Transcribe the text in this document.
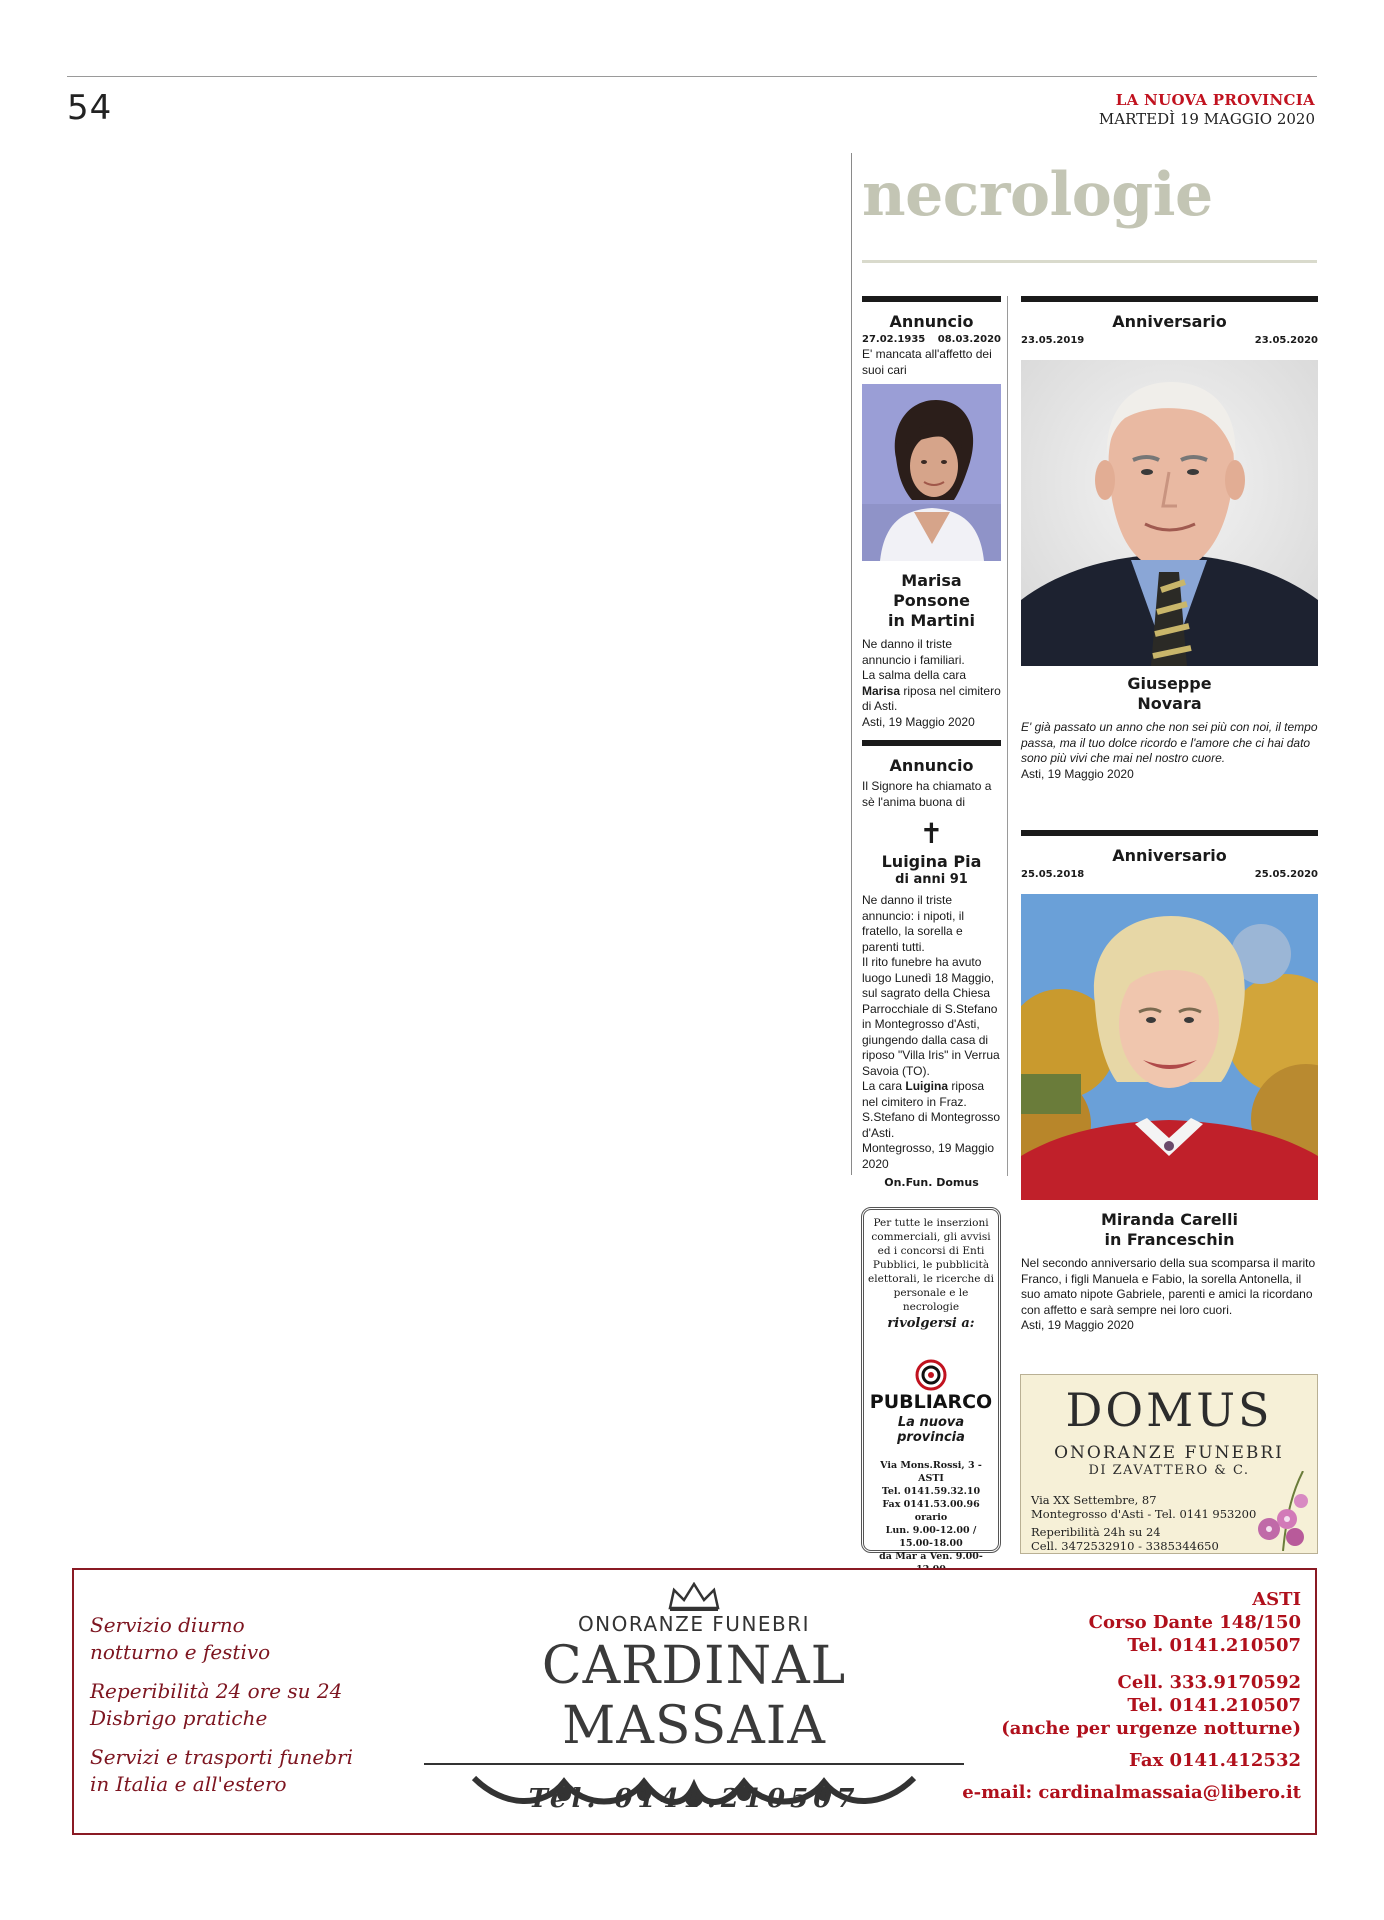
54	LA NUOVA PROVINCIA
MARTEDÌ 19 MAGGIO 2020
necrologie
Annuncio
27.02.1935 08.03.2020
E' mancata all'affetto dei suoi cari
Marisa Ponsone
in Martini
Ne danno il triste annuncio i familiari.
La salma della cara Marisa riposa nel cimitero di Asti.
Asti, 19 Maggio 2020
Annuncio
Il Signore ha chiamato a sè l'anima buona di
✝
Luigina Pia
di anni 91
Ne danno il triste annuncio: i nipoti, il fratello, la sorella e parenti tutti.
Il rito funebre ha avuto luogo Lunedì 18 Maggio, sul sagrato della Chiesa Parrocchiale di S.Stefano in Montegrosso d'Asti, giungendo dalla casa di riposo "Villa Iris" in Verrua Savoia (TO).
La cara Luigina riposa nel cimitero in Fraz. S.Stefano di Montegrosso d'Asti.
Montegrosso, 19 Maggio 2020
On.Fun. Domus
Anniversario
23.05.2019	23.05.2020
Giuseppe
Novara
E' già passato un anno che non sei più con noi, il tempo passa, ma il tuo dolce ricordo e l'amore che ci hai dato sono più vivi che mai nel nostro cuore.
Asti, 19 Maggio 2020
Anniversario
25.05.2018	25.05.2020
Miranda Carelli
in Franceschin
Nel secondo anniversario della sua scomparsa il marito Franco, i figli Manuela e Fabio, la sorella Antonella, il suo amato nipote Gabriele, parenti e amici la ricordano con affetto e sarà sempre nei loro cuori.
Asti, 19 Maggio 2020
Per tutte le inserzioni commerciali, gli avvisi ed i concorsi di Enti Pubblici, le pubblicità elettorali, le ricerche di personale e le necrologie
rivolgersi a:
PUBLIARCO
La nuova provincia
Via Mons.Rossi, 3 - ASTI
Tel. 0141.59.32.10
Fax 0141.53.00.96
orario
Lun. 9.00-12.00 / 15.00-18.00
da Mar a Ven. 9.00-
DOMUS
ONORANZE FUNEBRI
DI ZAVATTERO & C.
Via XX Settembre, 87
Montegrosso d'Asti - Tel. 0141 953200
Reperibilità 24h su 24
Cell. 3472532910 - 3385344650
Servizio diurno
notturno e festivo
Reperibilità 24 ore su 24
Disbrigo pratiche
Servizi e trasporti funebri
in Italia e all'estero
ONORANZE FUNEBRI
CARDINAL MASSAIA
Tel. 0141.210507
ASTI
Corso Dante 148/150
Tel. 0141.210507
Cell. 333.9170592
Tel. 0141.210507
(anche per urgenze notturne)
Fax 0141.412532
e-mail: cardinalmassaia@libero.it
